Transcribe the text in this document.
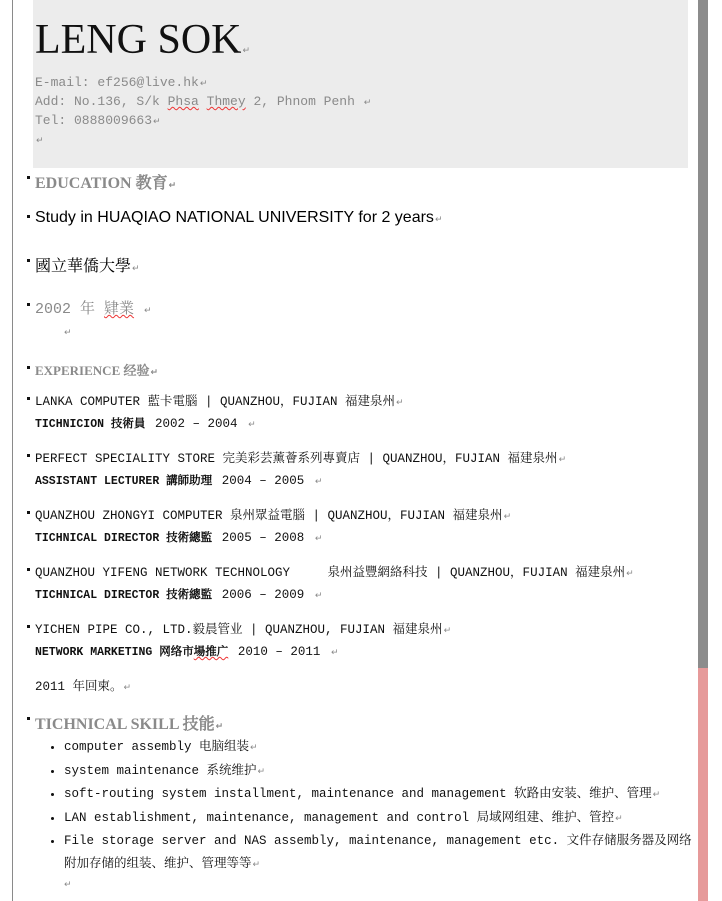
LENG SOK ↵
E-mail: ef256@live.hk ↵
Add: No.136, S/k Phsa Thmey 2, Phnom Penh ↵
Tel: 0888009663 ↵
↵
EDUCATION 教育 ↵
Study in HUAQIAO NATIONAL UNIVERSITY for 2 years ↵
國立華僑大學 ↵
2002 年 肄業 ↵
↵
EXPERIENCE 经验 ↵
LANKA COMPUTER 藍卡電腦 | QUANZHOU，FUJIAN 福建泉州 ↵
TICHNICION 技術員 2002 – 2004 ↵
PERFECT SPECIALITY STORE 完美彩芸薰薈系列專賣店 | QUANZHOU，FUJIAN 福建泉州 ↵
ASSISTANT LECTURER 講師助理 2004 – 2005 ↵
QUANZHOU ZHONGYI COMPUTER 泉州眾益電腦 | QUANZHOU，FUJIAN 福建泉州 ↵
TICHNICAL DIRECTOR 技術總監 2005 – 2008 ↵
QUANZHOU YIFENG NETWORK TECHNOLOGY     泉州益豐網絡科技 | QUANZHOU，FUJIAN 福建泉州 ↵
TICHNICAL DIRECTOR 技術總監 2006 – 2009 ↵
YICHEN PIPE CO., LTD.毅晨管业 | QUANZHOU, FUJIAN 福建泉州 ↵
NETWORK MARKETING 网络市場推广 2010 – 2011 ↵
2011 年回柬。 ↵
TICHNICAL SKILL 技能 ↵
• computer assembly 电脑组装 ↵
• system maintenance 系统维护 ↵
• soft-routing system installment, maintenance and management 软路由安装、维护、管理 ↵
• LAN establishment, maintenance, management and control 局域网组建、维护、管控 ↵
• File storage server and NAS assembly, maintenance, management etc. 文件存储服务器及网络附加存储的组装、维护、管理等等 ↵
↵
